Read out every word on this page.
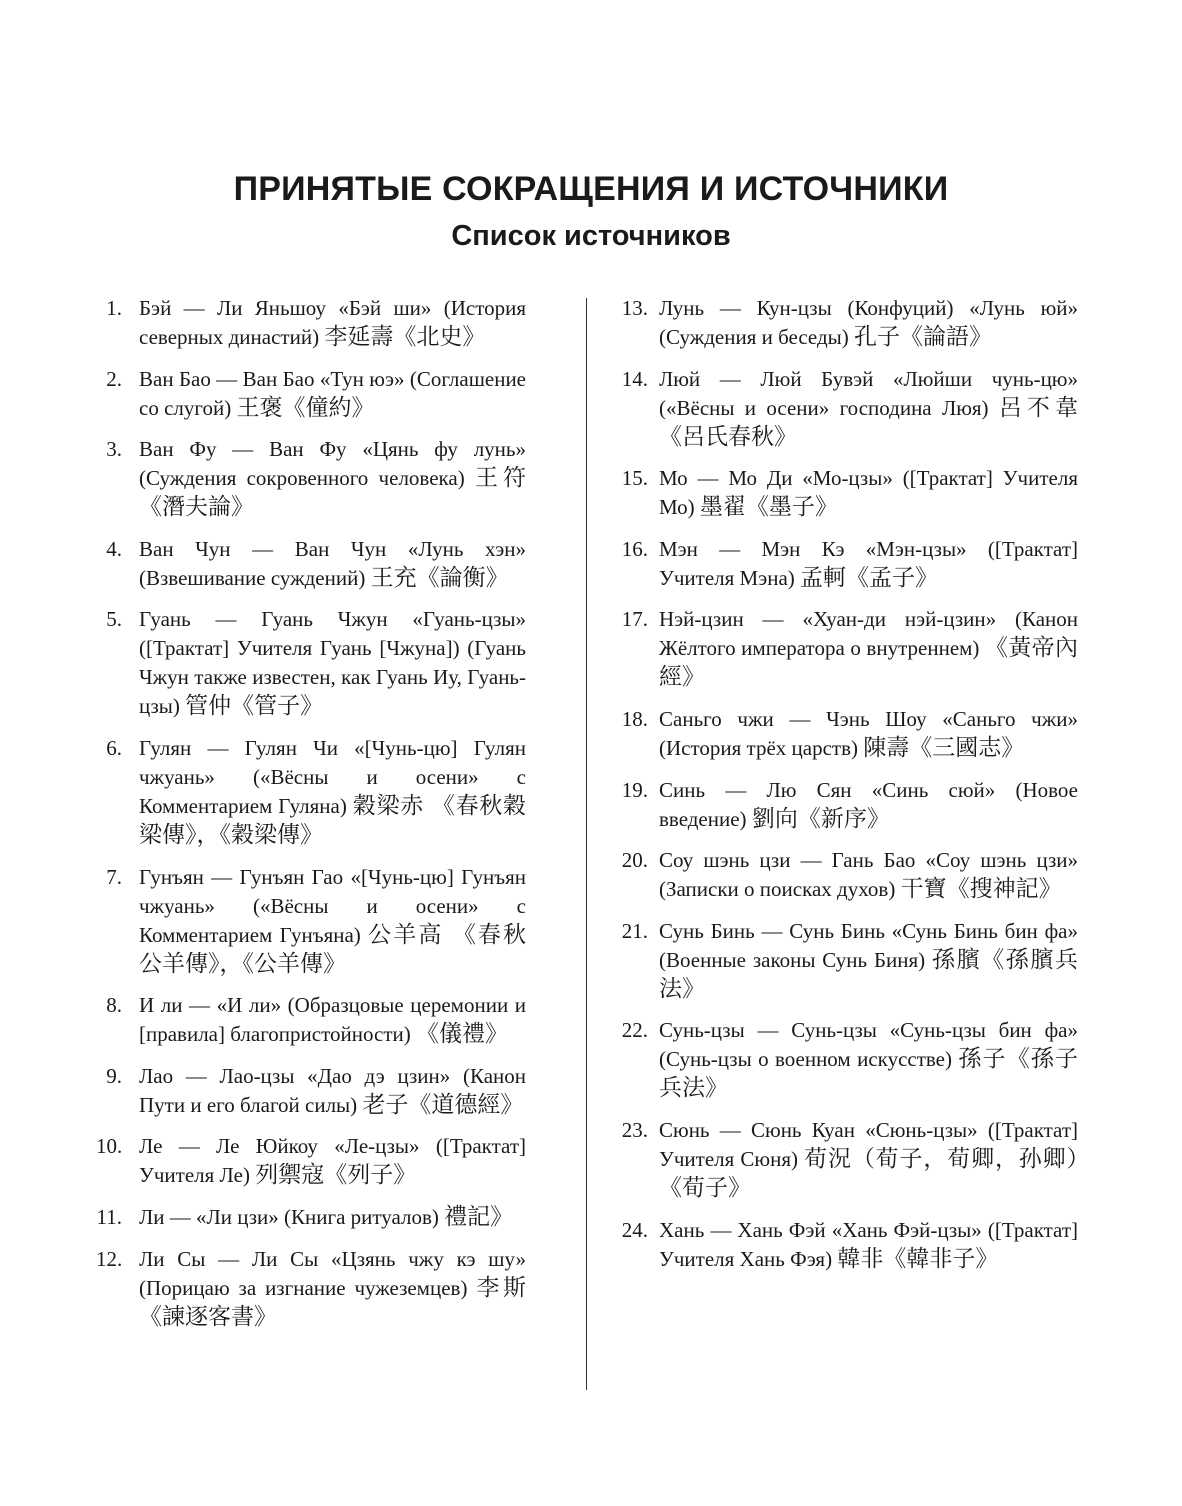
ПРИНЯТЫЕ СОКРАЩЕНИЯ И ИСТОЧНИКИ
Список источников
1. Бэй — Ли Яньшоу «Бэй ши» (История северных династий) 李延壽《北史》
2. Ван Бао — Ван Бао «Тун юэ» (Соглашение со слугой) 王褒《僮約》
3. Ван Фу — Ван Фу «Цянь фу лунь» (Суждения сокровенного человека) 王符《潛夫論》
4. Ван Чун — Ван Чун «Лунь хэн» (Взвешивание суждений) 王充《論衡》
5. Гуань — Гуань Чжун «Гуань-цзы» ([Трактат] Учителя Гуань [Чжуна]) (Гуань Чжун также известен, как Гуань Иу, Гуань-цзы) 管仲《管子》
6. Гулян — Гулян Чи «[Чунь-цю] Гулян чжуань» («Вёсны и осени» с Комментарием Гуляна) 穀梁赤 《春秋穀梁傳》，《穀梁傳》
7. Гунъян — Гунъян Гао «[Чунь-цю] Гунъян чжуань» («Вёсны и осени» с Комментарием Гунъяна) 公羊高 《春秋公羊傳》，《公羊傳》
8. И ли — «И ли» (Образцовые церемонии и [правила] благопристойности) 《儀禮》
9. Лао — Лао-цзы «Дао дэ цзин» (Канон Пути и его благой силы) 老子《道德經》
10. Ле — Ле Юйкоу «Ле-цзы» ([Трактат] Учителя Ле) 列禦寇《列子》
11. Ли — «Ли цзи» (Книга ритуалов) 禮記》
12. Ли Сы — Ли Сы «Цзянь чжу кэ шу» (Порицаю за изгнание чужеземцев) 李斯《諫逐客書》
13. Лунь — Кун-цзы (Конфуций) «Лунь юй» (Суждения и беседы) 孔子《論語》
14. Люй — Люй Бувэй «Люйши чунь-цю» («Вёсны и осени» господина Люя) 呂不韋《呂氏春秋》
15. Мо — Мо Ди «Мо-цзы» ([Трактат] Учителя Мо) 墨翟《墨子》
16. Мэн — Мэн Кэ «Мэн-цзы» ([Трактат] Учителя Мэна) 孟軻《孟子》
17. Нэй-цзин — «Хуан-ди нэй-цзин» (Канон Жёлтого императора о внутреннем) 《黃帝內經》
18. Саньго чжи — Чэнь Шоу «Саньго чжи» (История трёх царств) 陳壽《三國志》
19. Синь — Лю Сян «Синь сюй» (Новое введение) 劉向《新序》
20. Соу шэнь цзи — Гань Бао «Соу шэнь цзи» (Записки о поисках духов) 干寶《搜神記》
21. Сунь Бинь — Сунь Бинь «Сунь Бинь бин фа» (Военные законы Сунь Биня) 孫臏《孫臏兵法》
22. Сунь-цзы — Сунь-цзы «Сунь-цзы бин фа» (Сунь-цзы о военном искусстве) 孫子《孫子兵法》
23. Сюнь — Сюнь Куан «Сюнь-цзы» ([Трактат] Учителя Сюня) 荀況（荀子，荀卿，孙卿）《荀子》
24. Хань — Хань Фэй «Хань Фэй-цзы» ([Трактат] Учителя Хань Фэя) 韓非《韓非子》
